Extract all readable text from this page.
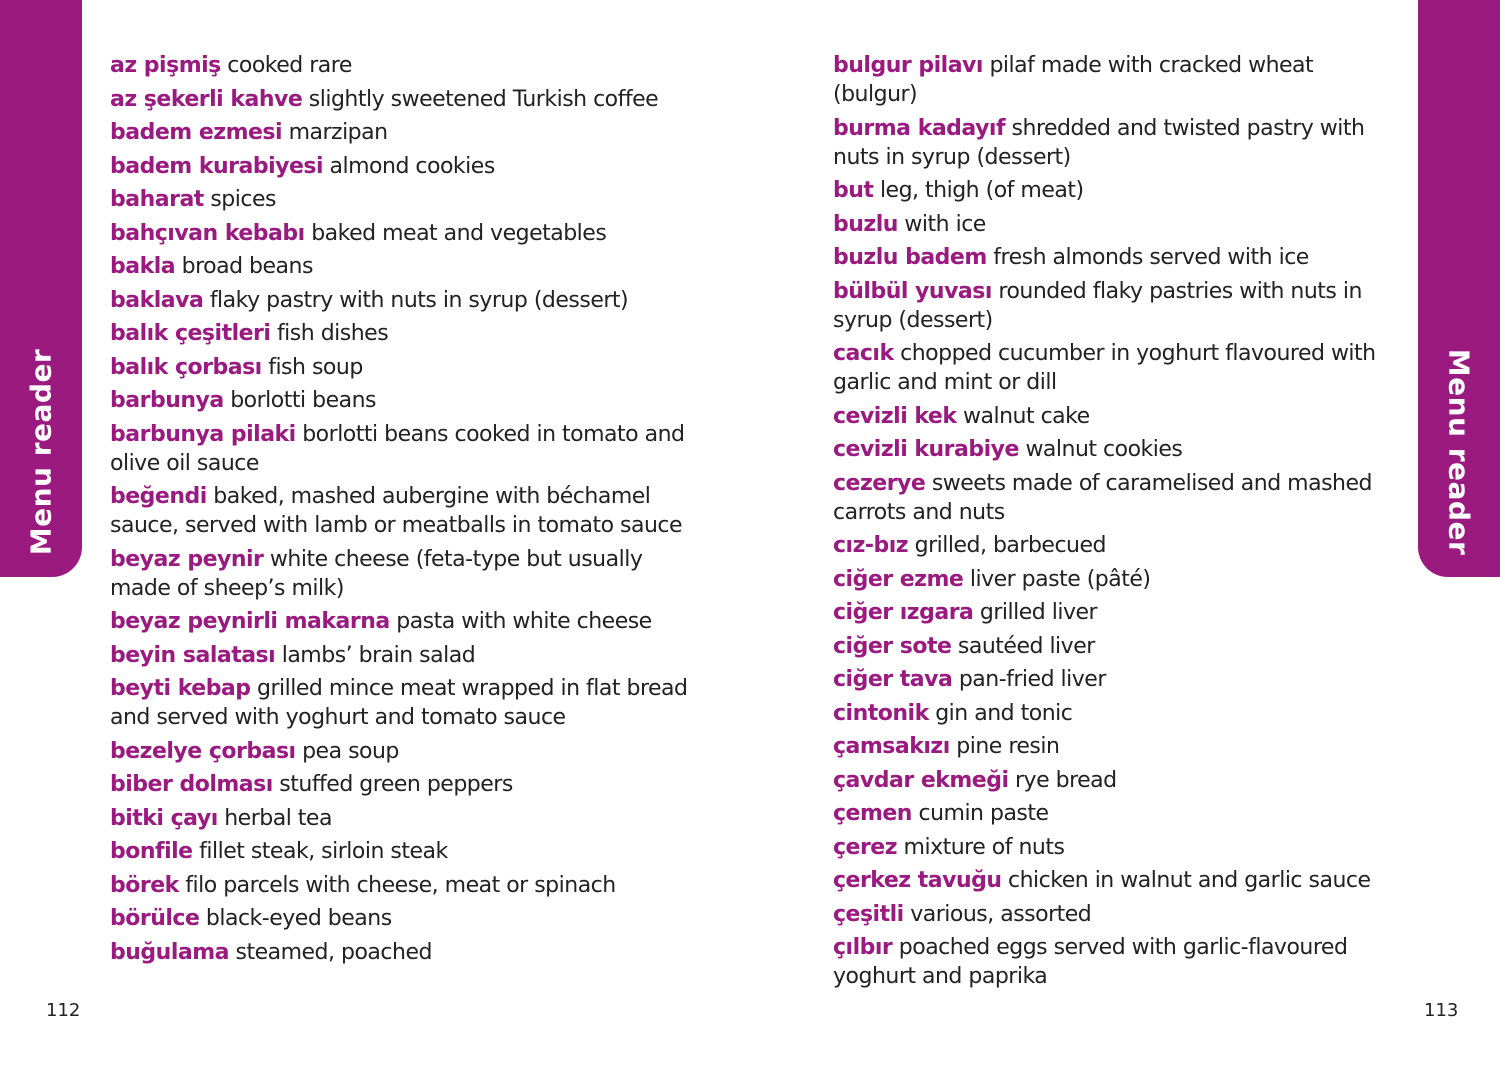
Menu reader	Menu reader
az pişmiş cooked rare
az şekerli kahve slightly sweetened Turkish coffee
badem ezmesi marzipan
badem kurabiyesi almond cookies
baharat spices
bahçıvan kebabı baked meat and vegetables
bakla broad beans
baklava flaky pastry with nuts in syrup (dessert)
balık çeşitleri fish dishes
balık çorbası fish soup
barbunya borlotti beans
barbunya pilaki borlotti beans cooked in tomato and olive oil sauce
beğendi baked, mashed aubergine with béchamel sauce, served with lamb or meatballs in tomato sauce
beyaz peynir white cheese (feta-type but usually made of sheep’s milk)
beyaz peynirli makarna pasta with white cheese
beyin salatası lambs’ brain salad
beyti kebap grilled mince meat wrapped in flat bread and served with yoghurt and tomato sauce
bezelye çorbası pea soup
biber dolması stuffed green peppers
bitki çayı herbal tea
bonfile fillet steak, sirloin steak
börek filo parcels with cheese, meat or spinach
börülce black-eyed beans
buğulama steamed, poached
bulgur pilavı pilaf made with cracked wheat (bulgur)
burma kadayıf shredded and twisted pastry with nuts in syrup (dessert)
but leg, thigh (of meat)
buzlu with ice
buzlu badem fresh almonds served with ice
bülbül yuvası rounded flaky pastries with nuts in syrup (dessert)
cacık chopped cucumber in yoghurt flavoured with garlic and mint or dill
cevizli kek walnut cake
cevizli kurabiye walnut cookies
cezerye sweets made of caramelised and mashed carrots and nuts
cız-bız grilled, barbecued
ciğer ezme liver paste (pâté)
ciğer ızgara grilled liver
ciğer sote sautéed liver
ciğer tava pan-fried liver
cintonik gin and tonic
çamsakızı pine resin
çavdar ekmeği rye bread
çemen cumin paste
çerez mixture of nuts
çerkez tavuğu chicken in walnut and garlic sauce
çeşitli various, assorted
çılbır poached eggs served with garlic-flavoured yoghurt and paprika
112	113
